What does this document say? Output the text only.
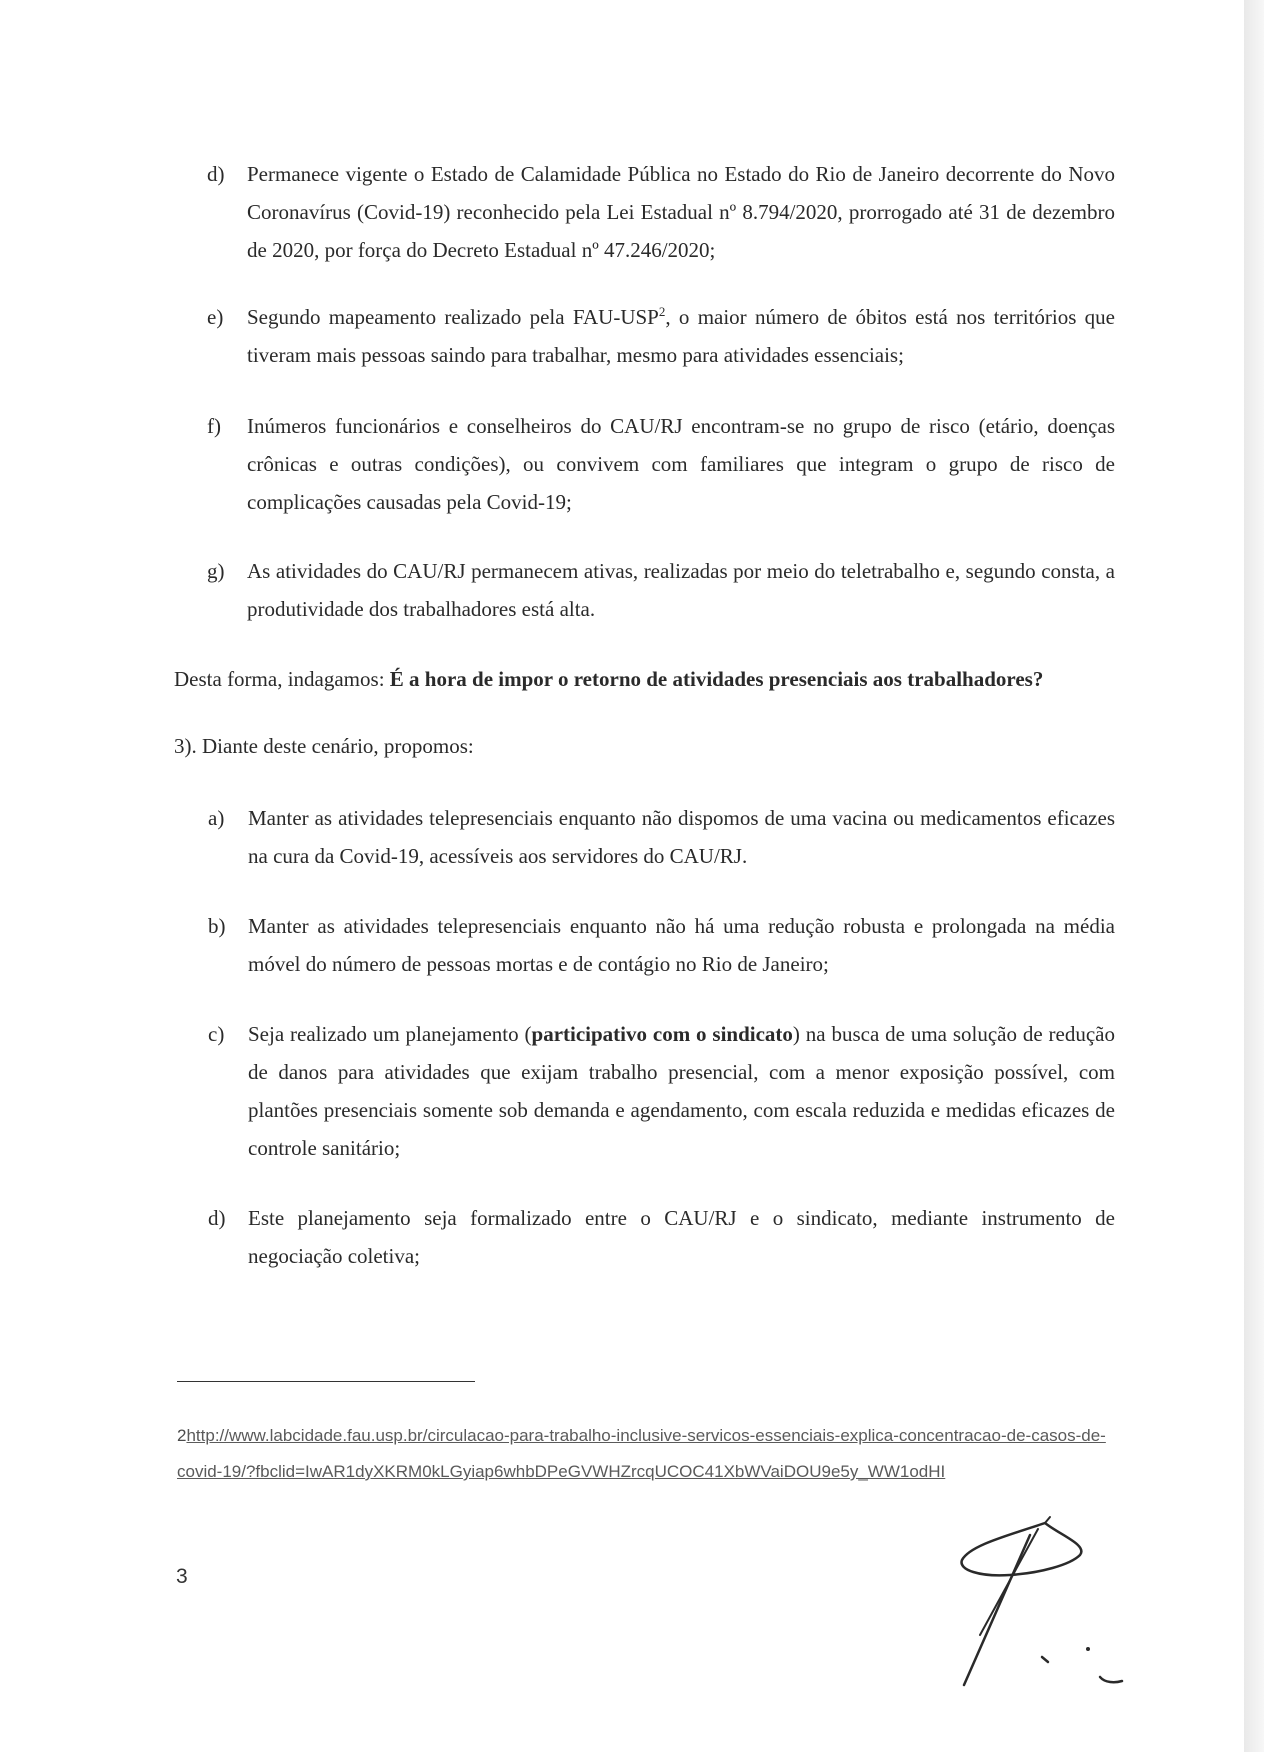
d)	Permanece vigente o Estado de Calamidade Pública no Estado do Rio de Janeiro decorrente do Novo Coronavírus (Covid-19) reconhecido pela Lei Estadual nº 8.794/2020, prorrogado até 31 de dezembro de 2020, por força do Decreto Estadual nº 47.246/2020;
e)	Segundo mapeamento realizado pela FAU-USP$^2$, o maior número de óbitos está nos territórios que tiveram mais pessoas saindo para trabalhar, mesmo para atividades essenciais;
f)	Inúmeros funcionários e conselheiros do CAU/RJ encontram-se no grupo de risco (etário, doenças crônicas e outras condições), ou convivem com familiares que integram o grupo de risco de complicações causadas pela Covid-19;
g)	As atividades do CAU/RJ permanecem ativas, realizadas por meio do teletrabalho e, segundo consta, a produtividade dos trabalhadores está alta.
Desta forma, indagamos: É a hora de impor o retorno de atividades presenciais aos trabalhadores?
3). Diante deste cenário, propomos:
a)	Manter as atividades telepresenciais enquanto não dispomos de uma vacina ou medicamentos eficazes na cura da Covid-19, acessíveis aos servidores do CAU/RJ.
b)	Manter as atividades telepresenciais enquanto não há uma redução robusta e prolongada na média móvel do número de pessoas mortas e de contágio no Rio de Janeiro;
c)	Seja realizado um planejamento (participativo com o sindicato) na busca de uma solução de redução de danos para atividades que exijam trabalho presencial, com a menor exposição possível, com plantões presenciais somente sob demanda e agendamento, com escala reduzida e medidas eficazes de controle sanitário;
d)	Este planejamento seja formalizado entre o CAU/RJ e o sindicato, mediante instrumento de negociação coletiva;
2http://www.labcidade.fau.usp.br/circulacao-para-trabalho-inclusive-servicos-essenciais-explica-concentracao-de-casos-de-covid-19/?fbclid=IwAR1dyXKRM0kLGyiap6whbDPeGVWHZrcqUCOC41XbWVaiDOU9e5y_WW1odHI
3
